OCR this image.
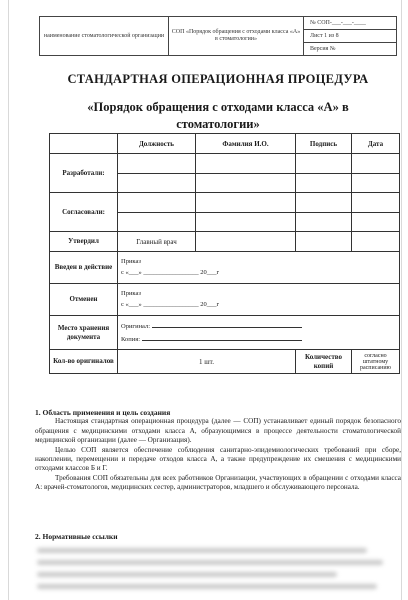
наименование стоматологической организации	СОП «Порядок обращения с отходами класса «А» в стоматологии»	№ СОП-___-___-____
Лист 1 из 8
Версия №
СТАНДАРТНАЯ ОПЕРАЦИОННАЯ ПРОЦЕДУРА
«Порядок обращения с отходами класса «А» в стоматологии»
	Должность	Фамилия И.О.	Подпись	Дата
Разработали:	

Согласовали:	

Утвердил	Главный врач			
Введен в действие	Приказ
с «___» _________________ 20___г			

Отменен	Приказ
с «___» _________________ 20___г			

Место хранения документа	Оригинал:
Копия:			

Кол-во оригиналов	1 шт.		Количество копий	согласно штатному расписанию
1. Область применения и цель создания

Настоящая стандартная операционная процедура (далее — СОП) устанавливает единый порядок безопасного обращения с медицинскими отходами класса А, образующимися в процессе деятельности стоматологической медицинской организации (далее — Организация).

Целью СОП является обеспечение соблюдения санитарно-эпидемиологических требований при сборе, накоплении, перемещении и передаче отходов класса А, а также предупреждение их смешения с медицинскими отходами классов Б и Г.

Требования СОП обязательны для всех работников Организации, участвующих в обращении с отходами класса А: врачей-стоматологов, медицинских сестер, администраторов, младшего и обслуживающего персонала.

2. Нормативные ссылки
